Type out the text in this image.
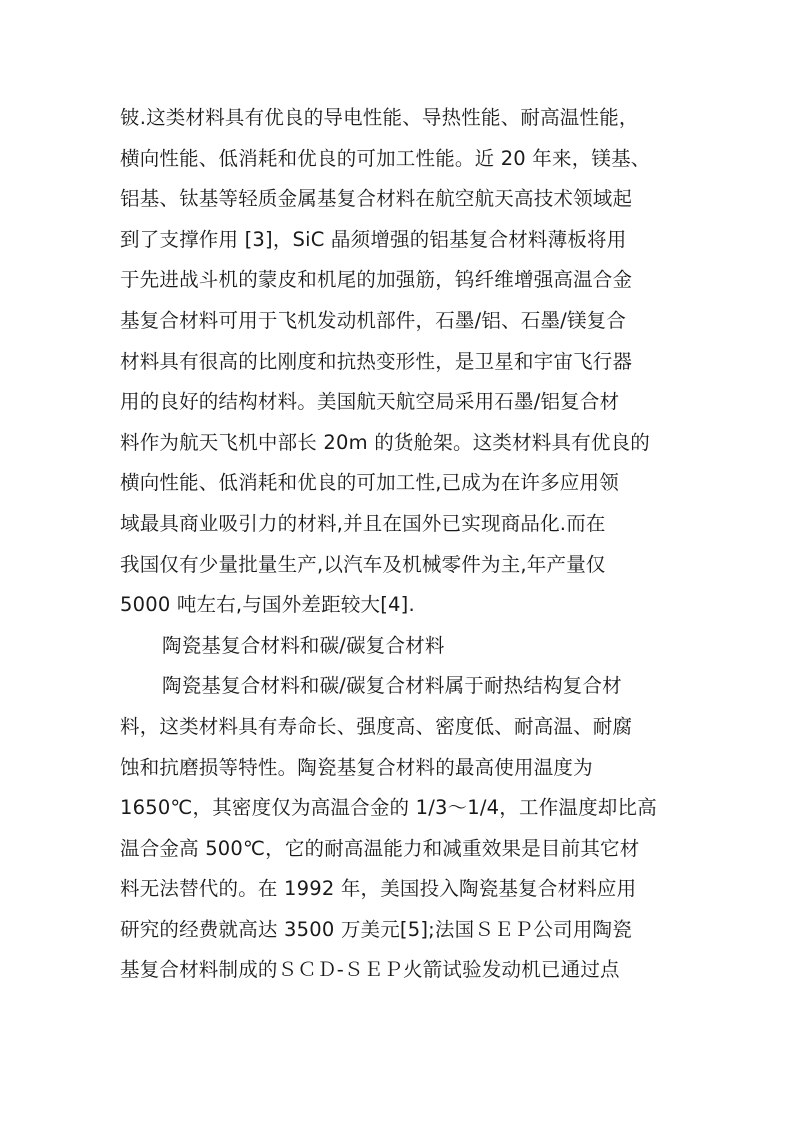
铍.这类材料具有优良的导电性能、导热性能、耐高温性能，
横向性能、低消耗和优良的可加工性能。近 20 年来，镁基、
铝基、钛基等轻质金属基复合材料在航空航天高技术领域起
到了支撑作用 [3]，SiC 晶须增强的铝基复合材料薄板将用
于先进战斗机的蒙皮和机尾的加强筋，钨纤维增强高温合金
基复合材料可用于飞机发动机部件，石墨/铝、石墨/镁复合
材料具有很高的比刚度和抗热变形性，是卫星和宇宙飞行器
用的良好的结构材料。美国航天航空局采用石墨/铝复合材
料作为航天飞机中部长 20m 的货舱架。这类材料具有优良的
横向性能、低消耗和优良的可加工性,已成为在许多应用领
域最具商业吸引力的材料,并且在国外已实现商品化.而在
我国仅有少量批量生产,以汽车及机械零件为主,年产量仅
5000 吨左右,与国外差距较大[4].
陶瓷基复合材料和碳/碳复合材料
陶瓷基复合材料和碳/碳复合材料属于耐热结构复合材
料，这类材料具有寿命长、强度高、密度低、耐高温、耐腐
蚀和抗磨损等特性。陶瓷基复合材料的最高使用温度为
1650℃，其密度仅为高温合金的 1/3～1/4，工作温度却比高
温合金高 500℃，它的耐高温能力和减重效果是目前其它材
料无法替代的。在 1992 年，美国投入陶瓷基复合材料应用
研究的经费就高达 3500 万美元[5];法国ＳＥＰ公司用陶瓷
基复合材料制成的ＳＣＤ-ＳＥＰ火箭试验发动机已通过点
